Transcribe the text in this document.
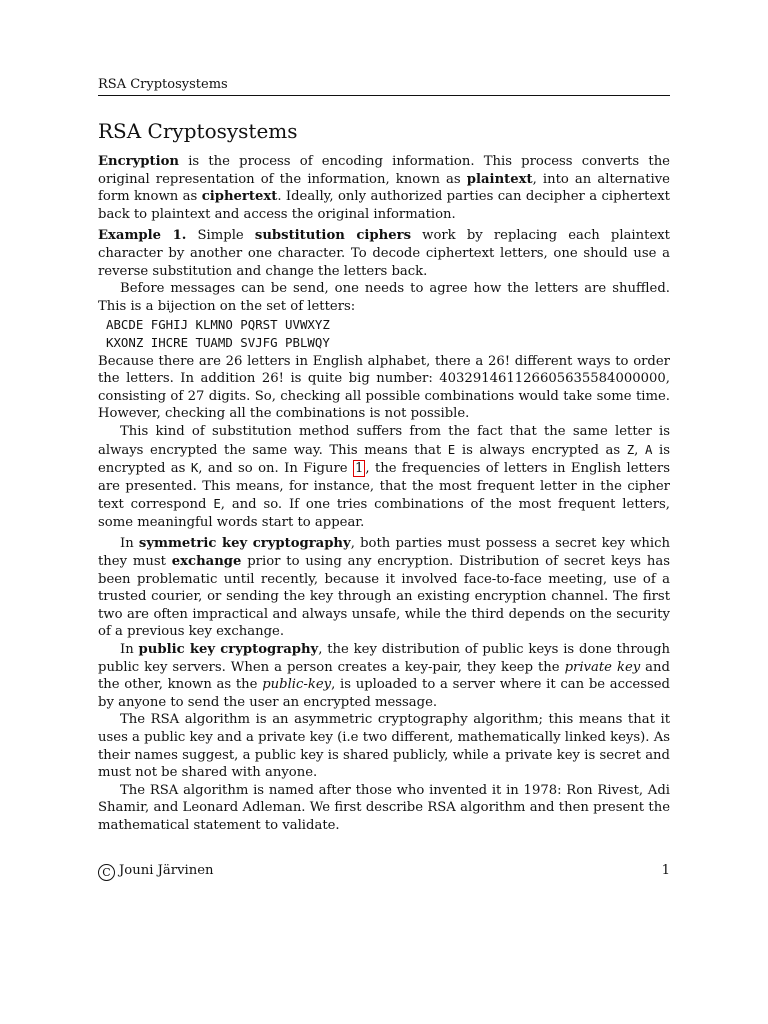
RSA Cryptosystems
RSA Cryptosystems

Encryption is the process of encoding information. This process converts the original representation of the information, known as plaintext, into an alternative form known as ciphertext. Ideally, only authorized parties can decipher a ciphertext back to plaintext and access the original information.

Example 1. Simple substitution ciphers work by replacing each plaintext character by another one character. To decode ciphertext letters, one should use a reverse substitution and change the letters back.

Before messages can be send, one needs to agree how the letters are shuffled. This is a bijection on the set of letters:

ABCDE FGHIJ KLMNO PQRST UVWXYZ
KXONZ IHCRE TUAMD SVJFG PBLWQY

Because there are 26 letters in English alphabet, there a 26! different ways to order the letters. In addition 26! is quite big number: 403291461126605635584000000, consisting of 27 digits. So, checking all possible combinations would take some time. However, checking all the combinations is not possible.

This kind of substitution method suffers from the fact that the same letter is always encrypted the same way. This means that E is always encrypted as Z, A is encrypted as K, and so on. In Figure 1 , the frequencies of letters in English letters are presented. This means, for instance, that the most frequent letter in the cipher text correspond E, and so. If one tries combinations of the most frequent letters, some meaningful words start to appear.

In symmetric key cryptography, both parties must possess a secret key which they must exchange prior to using any encryption. Distribution of secret keys has been problematic until recently, because it involved face-to-face meeting, use of a trusted courier, or sending the key through an existing encryption channel. The first two are often impractical and always unsafe, while the third depends on the security of a previous key exchange.

In public key cryptography, the key distribution of public keys is done through public key servers. When a person creates a key-pair, they keep the private key and the other, known as the public-key, is uploaded to a server where it can be accessed by anyone to send the user an encrypted message.

The RSA algorithm is an asymmetric cryptography algorithm; this means that it uses a public key and a private key (i.e two different, mathematically linked keys). As their names suggest, a public key is shared publicly, while a private key is secret and must not be shared with anyone.

The RSA algorithm is named after those who invented it in 1978: Ron Rivest, Adi Shamir, and Leonard Adleman. We first describe RSA algorithm and then present the mathematical statement to validate.

C Jouni Järvinen	1
